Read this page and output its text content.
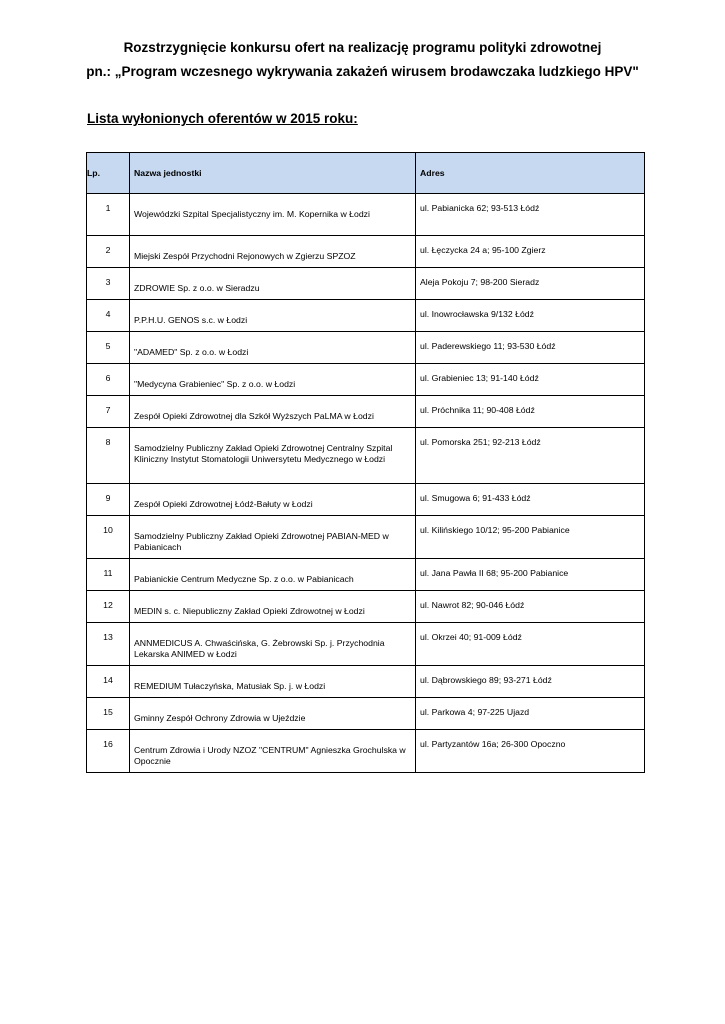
Rozstrzygnięcie konkursu ofert na realizację programu polityki zdrowotnej
pn.: „Program wczesnego wykrywania zakażeń wirusem brodawczaka ludzkiego HPV"
Lista wyłonionych oferentów w 2015 roku:
Lp.	Nazwa jednostki	Adres

1	Wojewódzki Szpital Specjalistyczny im. M. Kopernika w Łodzi	ul. Pabianicka 62; 93-513 Łódź

2	Miejski Zespół Przychodni Rejonowych w Zgierzu SPZOZ	ul. Łęczycka 24 a; 95-100 Zgierz

3	ZDROWIE Sp. z o.o. w Sieradzu	Aleja Pokoju 7; 98-200 Sieradz

4	P.P.H.U. GENOS s.c. w Łodzi	ul. Inowrocławska 9/132 Łódź

5	"ADAMED" Sp. z o.o. w Łodzi	ul. Paderewskiego 11; 93-530 Łódź

6	"Medycyna Grabieniec" Sp. z o.o. w Łodzi	ul. Grabieniec 13; 91-140 Łódź

7	Zespół Opieki Zdrowotnej dla Szkół Wyższych PaLMA w Łodzi	ul. Próchnika 11; 90-408 Łódź

8	Samodzielny Publiczny Zakład Opieki Zdrowotnej Centralny Szpital Kliniczny Instytut Stomatologii Uniwersytetu Medycznego w Łodzi	ul. Pomorska 251; 92-213 Łódź

9	Zespół Opieki Zdrowotnej Łódź-Bałuty w Łodzi	ul. Smugowa 6; 91-433 Łódź

10	Samodzielny Publiczny Zakład Opieki Zdrowotnej PABIAN-MED w Pabianicach	ul. Kilińskiego 10/12; 95-200 Pabianice

11	Pabianickie Centrum Medyczne Sp. z o.o. w Pabianicach	ul. Jana Pawła II 68; 95-200 Pabianice

12	MEDIN s. c. Niepubliczny Zakład Opieki Zdrowotnej w Łodzi	ul. Nawrot 82; 90-046 Łódź

13	ANNMEDICUS A. Chwaścińska, G. Żebrowski Sp. j. Przychodnia Lekarska ANIMED w Łodzi	ul. Okrzei 40; 91-009 Łódź

14	REMEDIUM Tułaczyńska, Matusiak Sp. j. w Łodzi	ul. Dąbrowskiego 89; 93-271 Łódź

15	Gminny Zespół Ochrony Zdrowia w Ujeździe	ul. Parkowa 4; 97-225 Ujazd

16	Centrum Zdrowia i Urody NZOZ "CENTRUM" Agnieszka Grochulska w Opocznie	ul. Partyzantów 16a; 26-300 Opoczno
